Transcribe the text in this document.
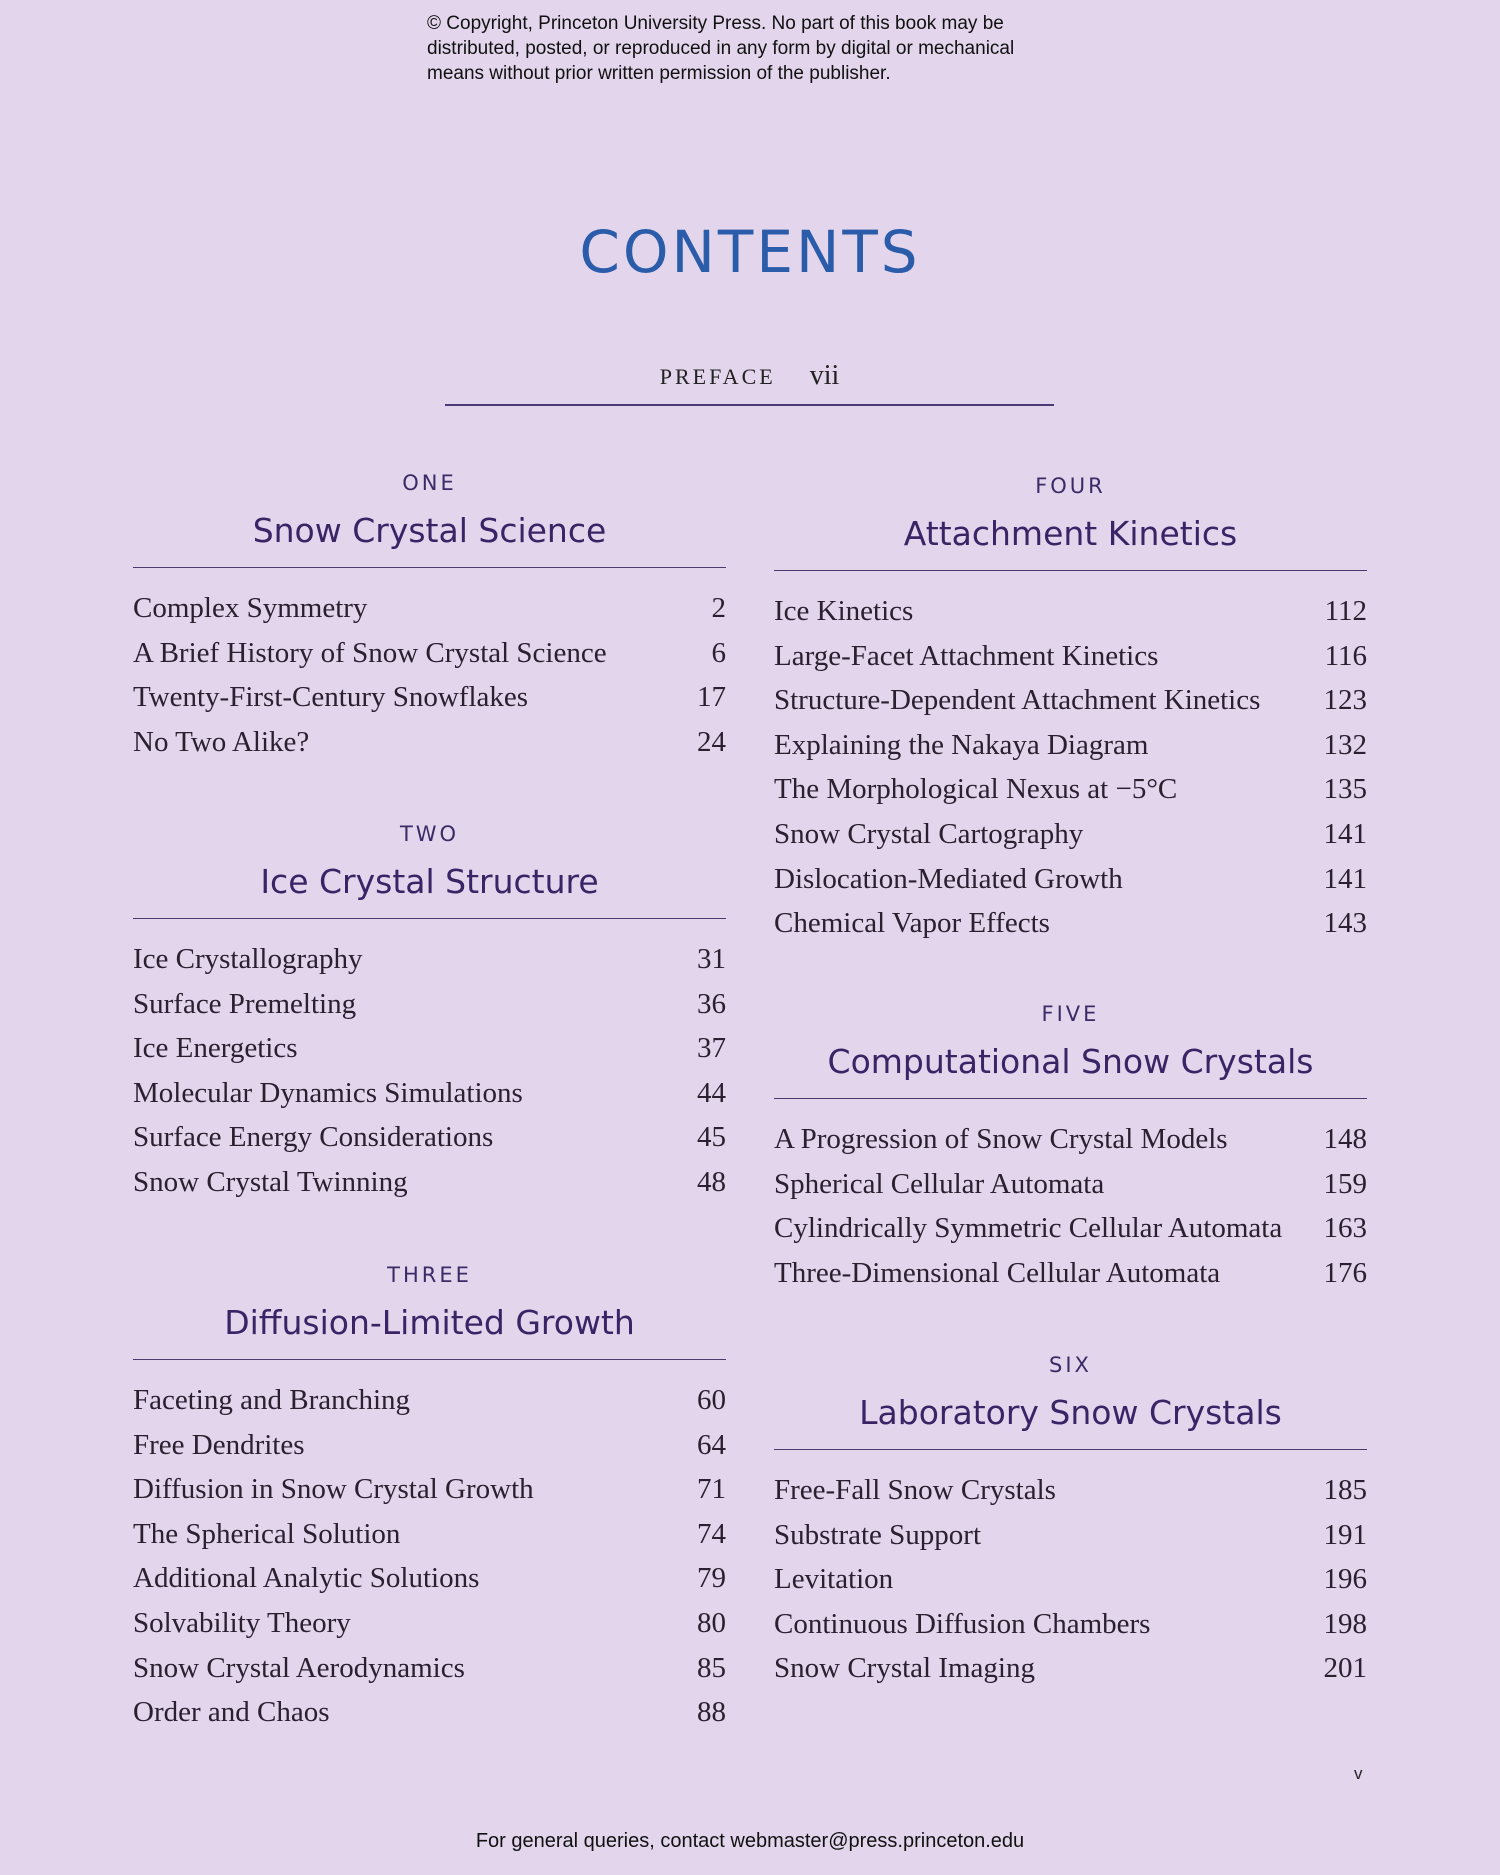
© Copyright, Princeton University Press. No part of this book may be
distributed, posted, or reproduced in any form by digital or mechanical
means without prior written permission of the publisher.
CONTENTS
PREFACE vii
ONE
Snow Crystal Science
Complex Symmetry	2
A Brief History of Snow Crystal Science	6
Twenty-First-Century Snowflakes	17
No Two Alike?	24
TWO
Ice Crystal Structure
Ice Crystallography	31
Surface Premelting	36
Ice Energetics	37
Molecular Dynamics Simulations	44
Surface Energy Considerations	45
Snow Crystal Twinning	48
THREE
Diffusion-Limited Growth
Faceting and Branching	60
Free Dendrites	64
Diffusion in Snow Crystal Growth	71
The Spherical Solution	74
Additional Analytic Solutions	79
Solvability Theory	80
Snow Crystal Aerodynamics	85
Order and Chaos	88
FOUR
Attachment Kinetics
Ice Kinetics	112
Large-Facet Attachment Kinetics	116
Structure-Dependent Attachment Kinetics 123
Explaining the Nakaya Diagram	132
The Morphological Nexus at −5°C	135
Snow Crystal Cartography	141
Dislocation-Mediated Growth	141
Chemical Vapor Effects	143
FIVE
Computational Snow Crystals
A Progression of Snow Crystal Models	148
Spherical Cellular Automata	159
Cylindrically Symmetric Cellular Automata 163
Three-Dimensional Cellular Automata	176
SIX
Laboratory Snow Crystals
Free-Fall Snow Crystals	185
Substrate Support	191
Levitation	196
Continuous Diffusion Chambers	198
Snow Crystal Imaging	201
v
For general queries, contact webmaster@press.princeton.edu
